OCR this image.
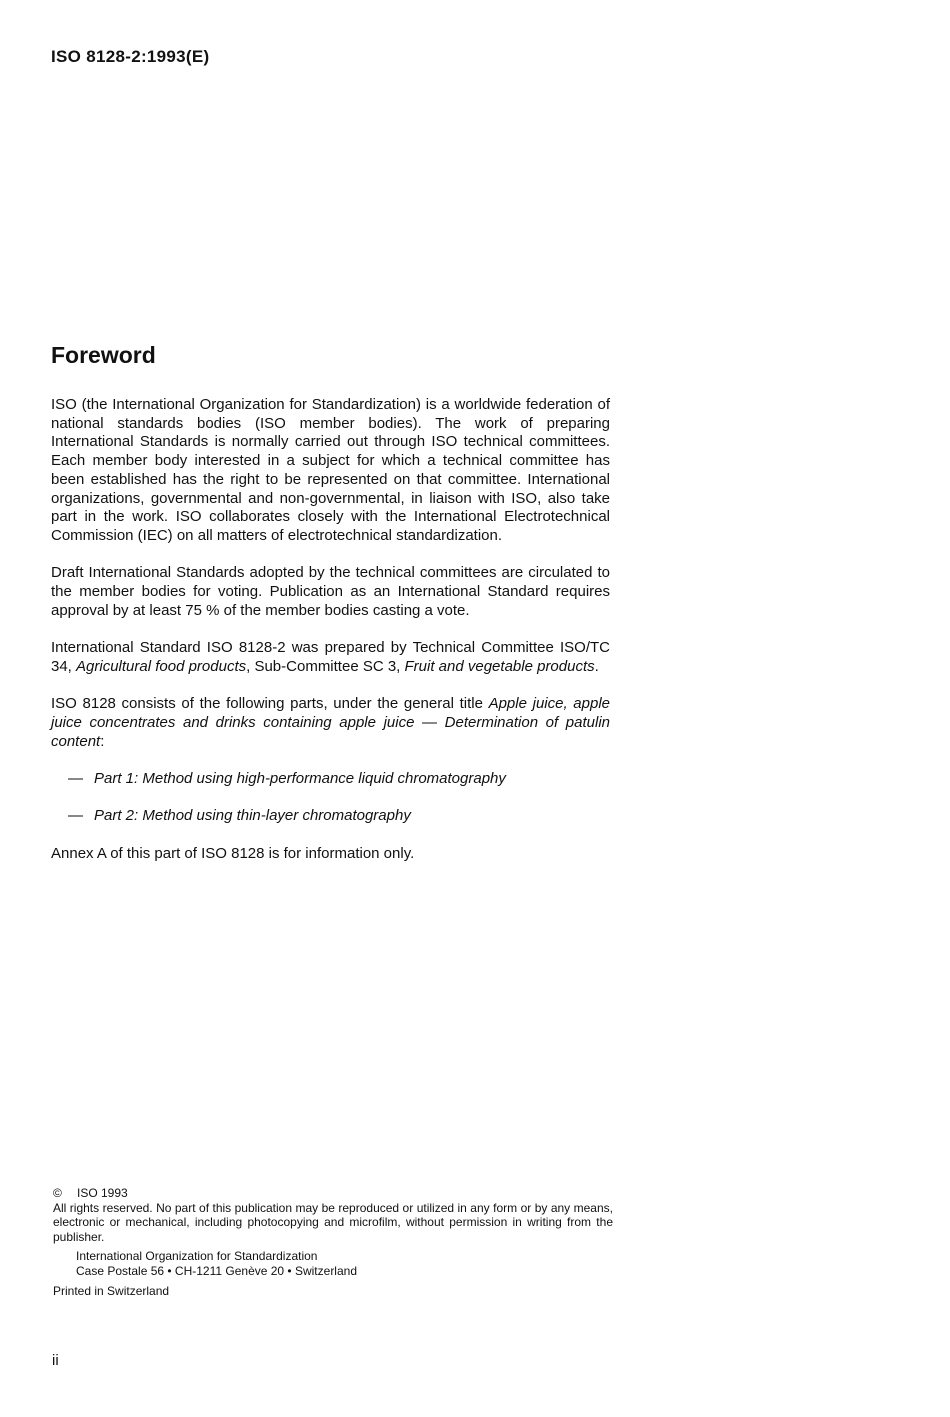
ISO 8128-2:1993(E)
Foreword

ISO (the International Organization for Standardization) is a worldwide federation of national standards bodies (ISO member bodies). The work of preparing International Standards is normally carried out through ISO technical committees. Each member body interested in a subject for which a technical committee has been established has the right to be represented on that committee. International organizations, governmental and non-governmental, in liaison with ISO, also take part in the work. ISO collaborates closely with the International Electrotechnical Commission (IEC) on all matters of electrotechnical standardization.

Draft International Standards adopted by the technical committees are circulated to the member bodies for voting. Publication as an International Standard requires approval by at least 75 % of the member bodies casting a vote.

International Standard ISO 8128-2 was prepared by Technical Committee ISO/TC 34, Agricultural food products, Sub-Committee SC 3, Fruit and vegetable products.

ISO 8128 consists of the following parts, under the general title Apple juice, apple juice concentrates and drinks containing apple juice — Determination of patulin content:

— Part 1: Method using high-performance liquid chromatography

— Part 2: Method using thin-layer chromatography

Annex A of this part of ISO 8128 is for information only.

© ISO 1993

All rights reserved. No part of this publication may be reproduced or utilized in any form or by any means, electronic or mechanical, including photocopying and microfilm, without permission in writing from the publisher.

International Organization for Standardization
Case Postale 56 • CH-1211 Genève 20 • Switzerland
Printed in Switzerland
ii
